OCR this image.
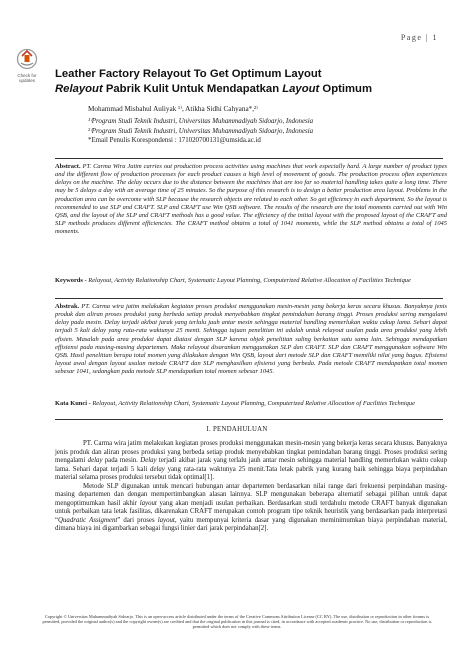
Page | 1
Check for
updates
Leather Factory Relayout To Get Optimum Layout
Relayout Pabrik Kulit Untuk Mendapatkan Layout Optimum
Mohammad Misbahul Auliyak ¹⁾, Atikha Sidhi Cahyana*,²⁾
¹⁾Program Studi Teknik Industri, Universitas Muhammadiyah Sidoarjo, Indonesia
²⁾Program Studi Teknik Industri, Universitas Muhammadiyah Sidoarjo, Indonesia
*Email Penulis Korespondensi : 171020700131@umsida.ac.id
Abstract. PT. Carma Wira Jatim carries out production process activities using machines that work especially hard. A large number of product types and the different flow of production processes for each product causes a high level of movement of goods. The production process often experiences delays on the machine. The delay occurs due to the distance between the machines that are too far so material handling takes quite a long time. There may be 5 delays a day with an average time of 25 minutes. So the purpose of this research is to design a better production area layout. Problems in the production area can be overcome with SLP because the research objects are related to each other. So get efficiency in each department. So the layout is recommended to use SLP and CRAFT. SLP and CRAFT use Win QSB software. The results of the research are the total moments carried out with Win QSB, and the layout of the SLP and CRAFT methods has a good value. The efficiency of the initial layout with the proposed layout of the CRAFT and SLP methods produces different efficiencies. The CRAFT method obtains a total of 1041 moments, while the SLP method obtains a total of 1045 moments.
Keywords - Relayout, Activity Relationship Chart, Systematic Layout Planning, Computerized Relative Allocation of Facilities Technique
Abstrak. PT. Carma wira jatim melakukan kegiatan proses produksi menggunakan mesin-mesin yang bekerja keras secara khusus. Banyaknya jenis produk dan aliran proses produksi yang berbeda setiap produk menyebabkan tingkat pemindahan barang tinggi. Proses produksi sering mengalami delay pada mesin. Delay terjadi akibat jarak yang terlalu jauh antar mesin sehingga material handling memerlukan waktu cukup lama. Sehari dapat terjadi 5 kali delay yang rata-rata waktunya 25 menit. Sehingga tujuan penelitian ini adalah untuk relayout usulan pada area produksi yang lebih efisien. Masalah pada area produksi dapat diatasi dengan SLP karena objek penelitian saling berkaitan satu sama lain. Sehingga mendapatkan effisiensi pada masing-masing departemen. Maka relayout disarankan menggunakan SLP dan CRAFT. SLP dan CRAFT menggunakan software Win QSB. Hasil penelitian berupa total momen yang dilakukan dengan Win QSB, layout dari metode SLP dan CRAFT memiliki nilai yang bagus. Efisiensi layout awal dengan layout usulan metode CRAFT dan SLP menghasilkan efisiensi yang berbeda. Pada metode CRAFT mendapatkan total momen sebesar 1041, sedangkan pada metode SLP mendapatkan total momen sebesar 1045.
Kata Kunci - Relayout, Activity Relationship Chart, Systematic Layout Planning, Computerized Relative Allocation of Facilities Technique
I. PENDAHULUAN

PT. Carma wira jatim melakukan kegiatan proses produksi menggunakan mesin-mesin yang bekerja keras secara khusus. Banyaknya jenis produk dan aliran proses produksi yang berbeda setiap produk menyebabkan tingkat pemindahan barang tinggi. Proses produksi sering mengalami delay pada mesin. Delay terjadi akibat jarak yang terlalu jauh antar mesin sehingga material handling memerlukan waktu cukup lama. Sehari dapat terjadi 5 kali delay yang rata-rata waktunya 25 menit.Tata letak pabrik yang kurang baik sehingga biaya perpindahan material selama proses produksi tersebut tidak optimal[1].

Metode SLP digunakan untuk mencari hubungan antar departemen berdasarkan nilai range dari frekuensi perpindahan masing-masing departemen dan dengan mempertimbangkan alasan lainnya. SLP mengunakan beberapa alternatif sebagai pilihan untuk dapat mengoptimumkan hasil akhir layout yang akan menjadi usulan perbaikan. Berdasarkan studi terdahulu metode CRAFT banyak digunakan untuk perbaikan tata letak fasilitas, dikarenakan CRAFT merupakan contoh program tipe teknik heuristik yang berdasarkan pada interpretasi “Quadratic Assigment” dari proses layout, yaitu mempunyai kriteria dasar yang digunakan meminimumkan biaya perpindahan material, dimana biaya ini digambarkan sebagai fungsi linier dari jarak perpindahan[2].

Copyright © Universitas Muhammadiyah Sidoarjo. This is an open-access article distributed under the terms of the Creative Commons Attribution License (CC BY). The use, distribution or reproduction in other forums is permitted, provided the original author(s) and the copyright owner(s) are credited and that the original publication in this journal is cited, in accordance with accepted academic practice. No use, distribution or reproduction is permitted which does not comply with these terms.
